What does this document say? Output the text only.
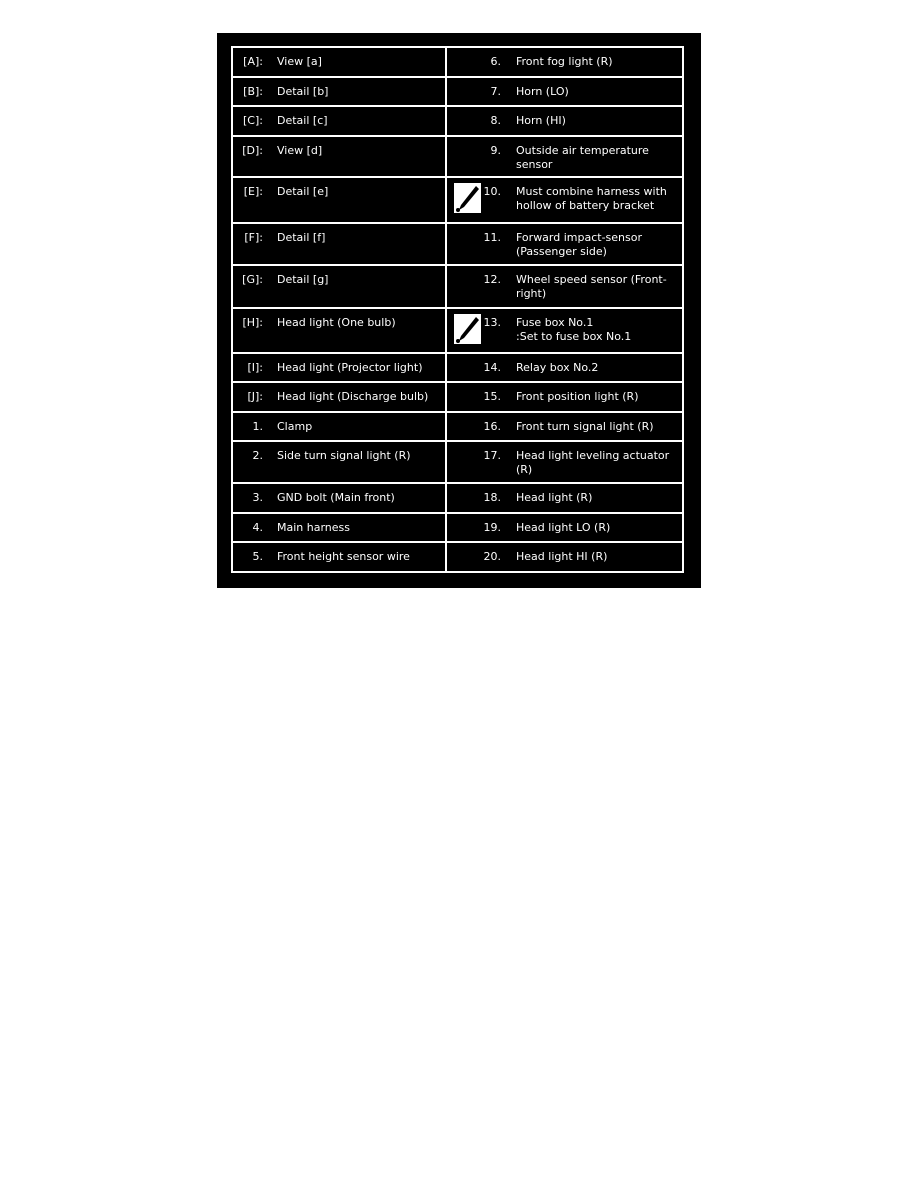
[A]: View [a]	6. Front fog light (R)

[B]: Detail [b]	7. Horn (LO)

[C]: Detail [c]	8. Horn (HI)

[D]: View [d]	9. Outside air temperature sensor

[E]: Detail [e]	10. Must combine harness with hollow of battery bracket

[F]: Detail [f]	11. Forward impact-sensor (Passenger side)

[G]: Detail [g]	12. Wheel speed sensor (Front-right)

[H]: Head light (One bulb)	13. Fuse box No.1
:Set to fuse box No.1

[I]: Head light (Projector light)	14. Relay box No.2

[J]: Head light (Discharge bulb)	15. Front position light (R)

1. Clamp	16. Front turn signal light (R)

2. Side turn signal light (R)	17. Head light leveling actuator (R)

3. GND bolt (Main front)	18. Head light (R)

4. Main harness	19. Head light LO (R)

5. Front height sensor wire	20. Head light HI (R)
